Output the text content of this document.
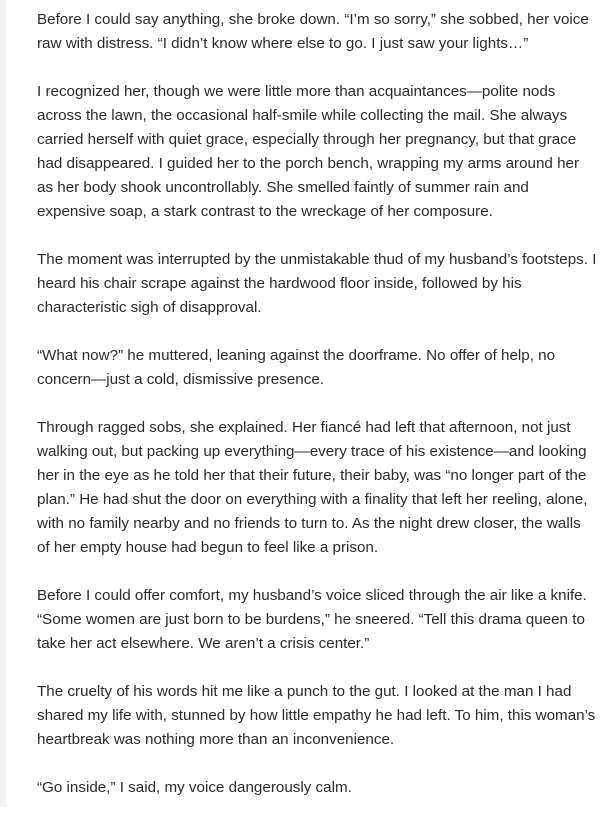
Before I could say anything, she broke down. “I’m so sorry,” she sobbed, her voice raw with distress. “I didn’t know where else to go. I just saw your lights…”

I recognized her, though we were little more than acquaintances—polite nods across the lawn, the occasional half-smile while collecting the mail. She always carried herself with quiet grace, especially through her pregnancy, but that grace had disappeared. I guided her to the porch bench, wrapping my arms around her as her body shook uncontrollably. She smelled faintly of summer rain and expensive soap, a stark contrast to the wreckage of her composure.

The moment was interrupted by the unmistakable thud of my husband’s footsteps. I heard his chair scrape against the hardwood floor inside, followed by his characteristic sigh of disapproval.

“What now?” he muttered, leaning against the doorframe. No offer of help, no concern—just a cold, dismissive presence.

Through ragged sobs, she explained. Her fiancé had left that afternoon, not just walking out, but packing up everything—every trace of his existence—and looking her in the eye as he told her that their future, their baby, was “no longer part of the plan.” He had shut the door on everything with a finality that left her reeling, alone, with no family nearby and no friends to turn to. As the night drew closer, the walls of her empty house had begun to feel like a prison.

Before I could offer comfort, my husband’s voice sliced through the air like a knife. “Some women are just born to be burdens,” he sneered. “Tell this drama queen to take her act elsewhere. We aren’t a crisis center.”

The cruelty of his words hit me like a punch to the gut. I looked at the man I had shared my life with, stunned by how little empathy he had left. To him, this woman’s heartbreak was nothing more than an inconvenience.

“Go inside,” I said, my voice dangerously calm.
